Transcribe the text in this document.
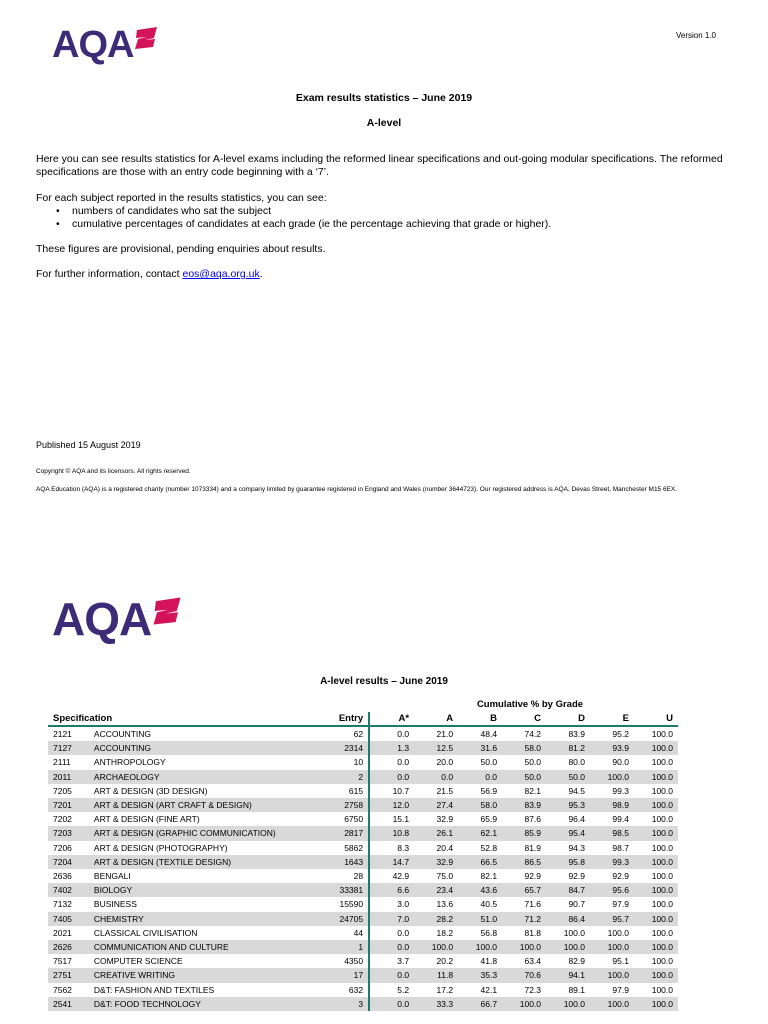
AQA	Version 1.0
Exam results statistics – June 2019
A-level
Here you can see results statistics for A-level exams including the reformed linear specifications and out-going modular specifications. The reformed specifications are those with an entry code beginning with a ‘7’.
For each subject reported in the results statistics, you can see:
• numbers of candidates who sat the subject
• cumulative percentages of candidates at each grade (ie the percentage achieving that grade or higher).
These figures are provisional, pending enquiries about results.
For further information, contact eos@aqa.org.uk.
Published 15 August 2019
Copyright © AQA and its licensors. All rights reserved.
AQA Education (AQA) is a registered charity (number 1073334) and a company limited by guarantee registered in England and Wales (number 3644723). Our registered address is AQA, Devas Street, Manchester M15 6EX.
AQA
A-level results – June 2019
Cumulative % by Grade
Specification		Entry	A*	A	B	C	D	E	U
2121	ACCOUNTING	62	0.0	21.0	48.4	74.2	83.9	95.2	100.0
7127	ACCOUNTING	2314	1.3	12.5	31.6	58.0	81.2	93.9	100.0
2111	ANTHROPOLOGY	10	0.0	20.0	50.0	50.0	80.0	90.0	100.0
2011	ARCHAEOLOGY	2	0.0	0.0	0.0	50.0	50.0	100.0	100.0
7205	ART & DESIGN (3D DESIGN)	615	10.7	21.5	56.9	82.1	94.5	99.3	100.0
7201	ART & DESIGN (ART CRAFT & DESIGN)	2758	12.0	27.4	58.0	83.9	95.3	98.9	100.0
7202	ART & DESIGN (FINE ART)	6750	15.1	32.9	65.9	87.6	96.4	99.4	100.0
7203	ART & DESIGN (GRAPHIC COMMUNICATION)	2817	10.8	26.1	62.1	85.9	95.4	98.5	100.0
7206	ART & DESIGN (PHOTOGRAPHY)	5862	8.3	20.4	52.8	81.9	94.3	98.7	100.0
7204	ART & DESIGN (TEXTILE DESIGN)	1643	14.7	32.9	66.5	86.5	95.8	99.3	100.0
2636	BENGALI	28	42.9	75.0	82.1	92.9	92.9	92.9	100.0
7402	BIOLOGY	33381	6.6	23.4	43.6	65.7	84.7	95.6	100.0
7132	BUSINESS	15590	3.0	13.6	40.5	71.6	90.7	97.9	100.0
7405	CHEMISTRY	24705	7.0	28.2	51.0	71.2	86.4	95.7	100.0
2021	CLASSICAL CIVILISATION	44	0.0	18.2	56.8	81.8	100.0	100.0	100.0
2626	COMMUNICATION AND CULTURE	1	0.0	100.0	100.0	100.0	100.0	100.0	100.0
7517	COMPUTER SCIENCE	4350	3.7	20.2	41.8	63.4	82.9	95.1	100.0
2751	CREATIVE WRITING	17	0.0	11.8	35.3	70.6	94.1	100.0	100.0
7562	D&T: FASHION AND TEXTILES	632	5.2	17.2	42.1	72.3	89.1	97.9	100.0
2541	D&T: FOOD TECHNOLOGY	3	0.0	33.3	66.7	100.0	100.0	100.0	100.0
